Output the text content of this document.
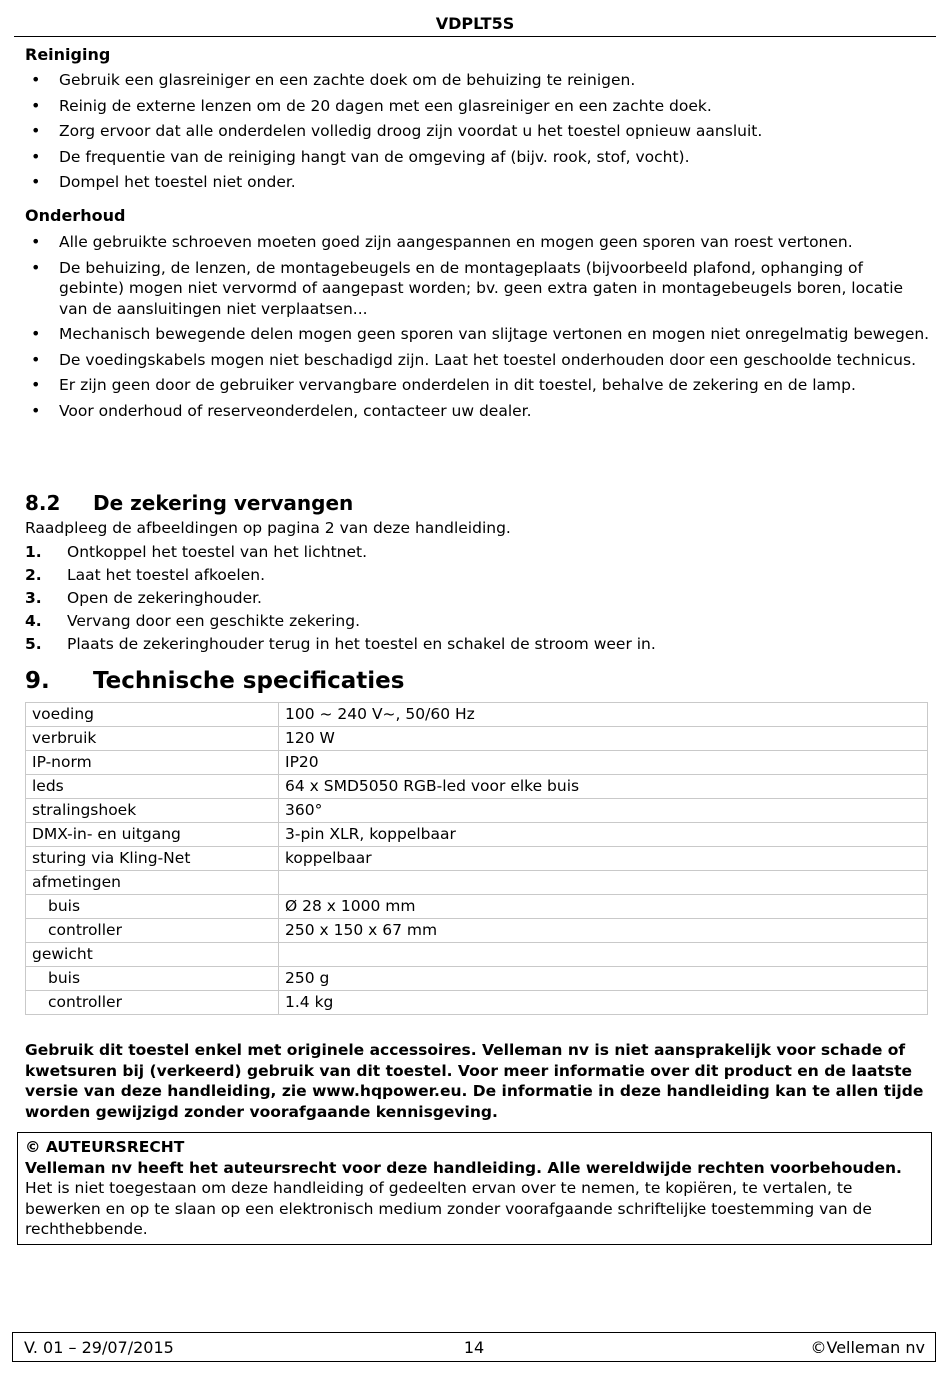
VDPLT5S
Reiniging
• Gebruik een glasreiniger en een zachte doek om de behuizing te reinigen.
• Reinig de externe lenzen om de 20 dagen met een glasreiniger en een zachte doek.
• Zorg ervoor dat alle onderdelen volledig droog zijn voordat u het toestel opnieuw aansluit.
• De frequentie van de reiniging hangt van de omgeving af (bijv. rook, stof, vocht).
• Dompel het toestel niet onder.
Onderhoud
• Alle gebruikte schroeven moeten goed zijn aangespannen en mogen geen sporen van roest vertonen.
• De behuizing, de lenzen, de montagebeugels en de montageplaats (bijvoorbeeld plafond, ophanging of gebinte) mogen niet vervormd of aangepast worden; bv. geen extra gaten in montagebeugels boren, locatie van de aansluitingen niet verplaatsen...
• Mechanisch bewegende delen mogen geen sporen van slijtage vertonen en mogen niet onregelmatig bewegen.
• De voedingskabels mogen niet beschadigd zijn. Laat het toestel onderhouden door een geschoolde technicus.
• Er zijn geen door de gebruiker vervangbare onderdelen in dit toestel, behalve de zekering en de lamp.
• Voor onderhoud of reserveonderdelen, contacteer uw dealer.
8.2 De zekering vervangen
Raadpleeg de afbeeldingen op pagina 2 van deze handleiding.
1. Ontkoppel het toestel van het lichtnet.
2. Laat het toestel afkoelen.
3. Open de zekeringhouder.
4. Vervang door een geschikte zekering.
5. Plaats de zekeringhouder terug in het toestel en schakel de stroom weer in.
9. Technische specificaties
voeding	100 ~ 240 V~, 50/60 Hz
verbruik	120 W
IP-norm	IP20
leds	64 x SMD5050 RGB-led voor elke buis
stralingshoek	360°
DMX-in- en uitgang	3-pin XLR, koppelbaar
sturing via Kling-Net	koppelbaar
afmetingen	
buis	Ø 28 x 1000 mm
controller	250 x 150 x 67 mm
gewicht	
buis	250 g
controller	1.4 kg
Gebruik dit toestel enkel met originele accessoires. Velleman nv is niet aansprakelijk voor schade of kwetsuren bij (verkeerd) gebruik van dit toestel. Voor meer informatie over dit product en de laatste versie van deze handleiding, zie www.hqpower.eu. De informatie in deze handleiding kan te allen tijde worden gewijzigd zonder voorafgaande kennisgeving.
© AUTEURSRECHT
Velleman nv heeft het auteursrecht voor deze handleiding. Alle wereldwijde rechten voorbehouden. Het is niet toegestaan om deze handleiding of gedeelten ervan over te nemen, te kopiëren, te vertalen, te bewerken en op te slaan op een elektronisch medium zonder voorafgaande schriftelijke toestemming van de rechthebbende.
V. 01 – 29/07/2015	14	©Velleman nv
